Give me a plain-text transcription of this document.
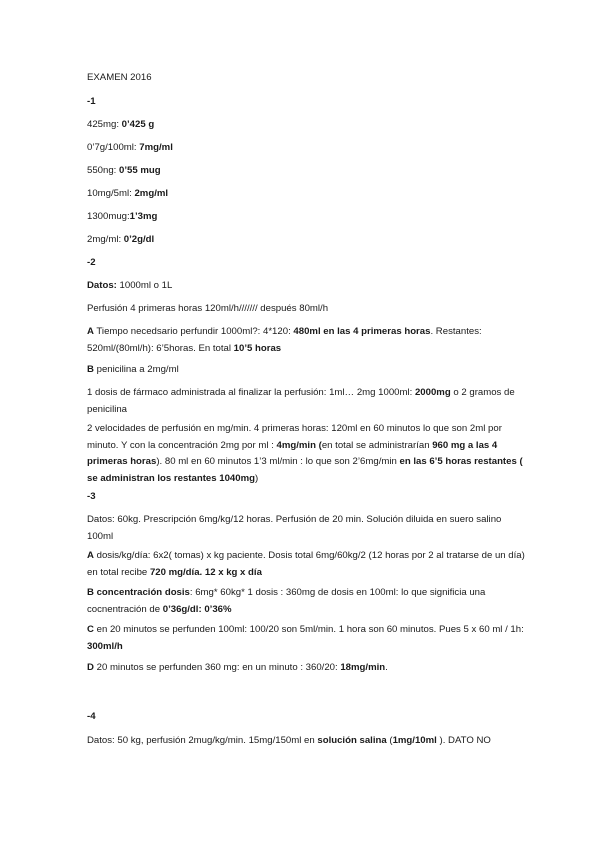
EXAMEN 2016
-1
425mg: 0’425 g
0’7g/100ml: 7mg/ml
550ng: 0’55 mug
10mg/5ml: 2mg/ml
1300mug:1’3mg
2mg/ml: 0’2g/dl
-2
Datos: 1000ml o 1L
Perfusión 4 primeras horas 120ml/h/////// después 80ml/h
A Tiempo necedsario perfundir 1000ml?: 4*120: 480ml en las 4 primeras horas. Restantes: 520ml/(80ml/h): 6’5horas. En total 10’5 horas
B penicilina a 2mg/ml
1 dosis de fármaco administrada al finalizar la perfusión: 1ml… 2mg 1000ml: 2000mg o 2 gramos de penicilina
2 velocidades de perfusión en mg/min. 4 primeras horas: 120ml en 60 minutos lo que son 2ml por minuto. Y con la concentración 2mg por ml : 4mg/min (en total se administrarían 960 mg a las 4 primeras horas). 80 ml en 60 minutos 1’3 ml/min : lo que son 2’6mg/min en las 6’5 horas restantes ( se administran los restantes 1040mg)
-3
Datos: 60kg. Prescripción 6mg/kg/12 horas. Perfusión de 20 min. Solución diluida en suero salino 100ml
A dosis/kg/día: 6x2( tomas) x kg paciente. Dosis total 6mg/60kg/2 (12 horas por 2 al tratarse de un día) en total recibe 720 mg/día. 12 x kg x día
B concentración dosis: 6mg* 60kg* 1 dosis : 360mg de dosis en 100ml: lo que significia una cocnentración de 0’36g/dl: 0’36%
C en 20 minutos se perfunden 100ml: 100/20 son 5ml/min. 1 hora son 60 minutos. Pues 5 x 60 ml / 1h: 300ml/h
D 20 minutos se perfunden 360 mg: en un minuto : 360/20: 18mg/min.
-4
Datos: 50 kg, perfusión 2mug/kg/min. 15mg/150ml en solución salina (1mg/10ml ). DATO NO
